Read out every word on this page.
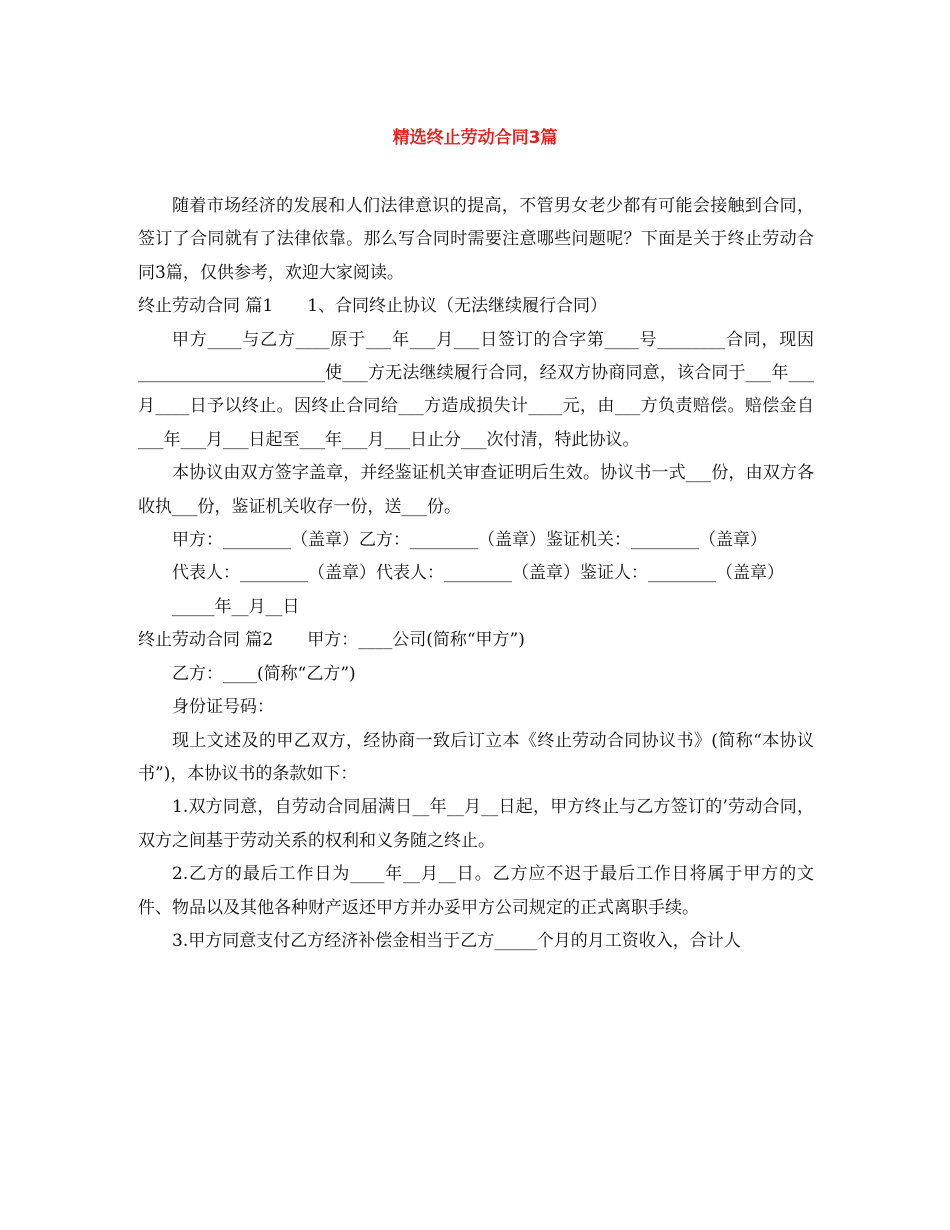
精选终止劳动合同3篇

随着市场经济的发展和人们法律意识的提高，不管男女老少都有可能会接触到合同，签订了合同就有了法律依靠。那么写合同时需要注意哪些问题呢？下面是关于终止劳动合同3篇，仅供参考，欢迎大家阅读。

终止劳动合同 篇1　　1、合同终止协议（无法继续履行合同）

甲方____与乙方____原于___年___月___日签订的合字第____号________合同，现因______________________使___方无法继续履行合同，经双方协商同意，该合同于___年___月____日予以终止。因终止合同给___方造成损失计____元，由___方负责赔偿。赔偿金自___年___月___日起至___年___月___日止分___次付清，特此协议。

本协议由双方签字盖章，并经鉴证机关审查证明后生效。协议书一式___份，由双方各收执___份，鉴证机关收存一份，送___份。

甲方：________（盖章）乙方：________（盖章）鉴证机关：________（盖章）

代表人：________（盖章）代表人：________（盖章）鉴证人：________（盖章）

_____年__月__日

终止劳动合同 篇2　　甲方：____公司(简称“甲方”)

乙方：____(简称“乙方”)

身份证号码：

现上文述及的甲乙双方，经协商一致后订立本《终止劳动合同协议书》(简称“本协议书”)，本协议书的条款如下：

1.双方同意，自劳动合同届满日__年__月__日起，甲方终止与乙方签订的’劳动合同，双方之间基于劳动关系的权利和义务随之终止。

2.乙方的最后工作日为____年__月__日。乙方应不迟于最后工作日将属于甲方的文件、物品以及其他各种财产返还甲方并办妥甲方公司规定的正式离职手续。

3.甲方同意支付乙方经济补偿金相当于乙方_____个月的月工资收入，合计人
